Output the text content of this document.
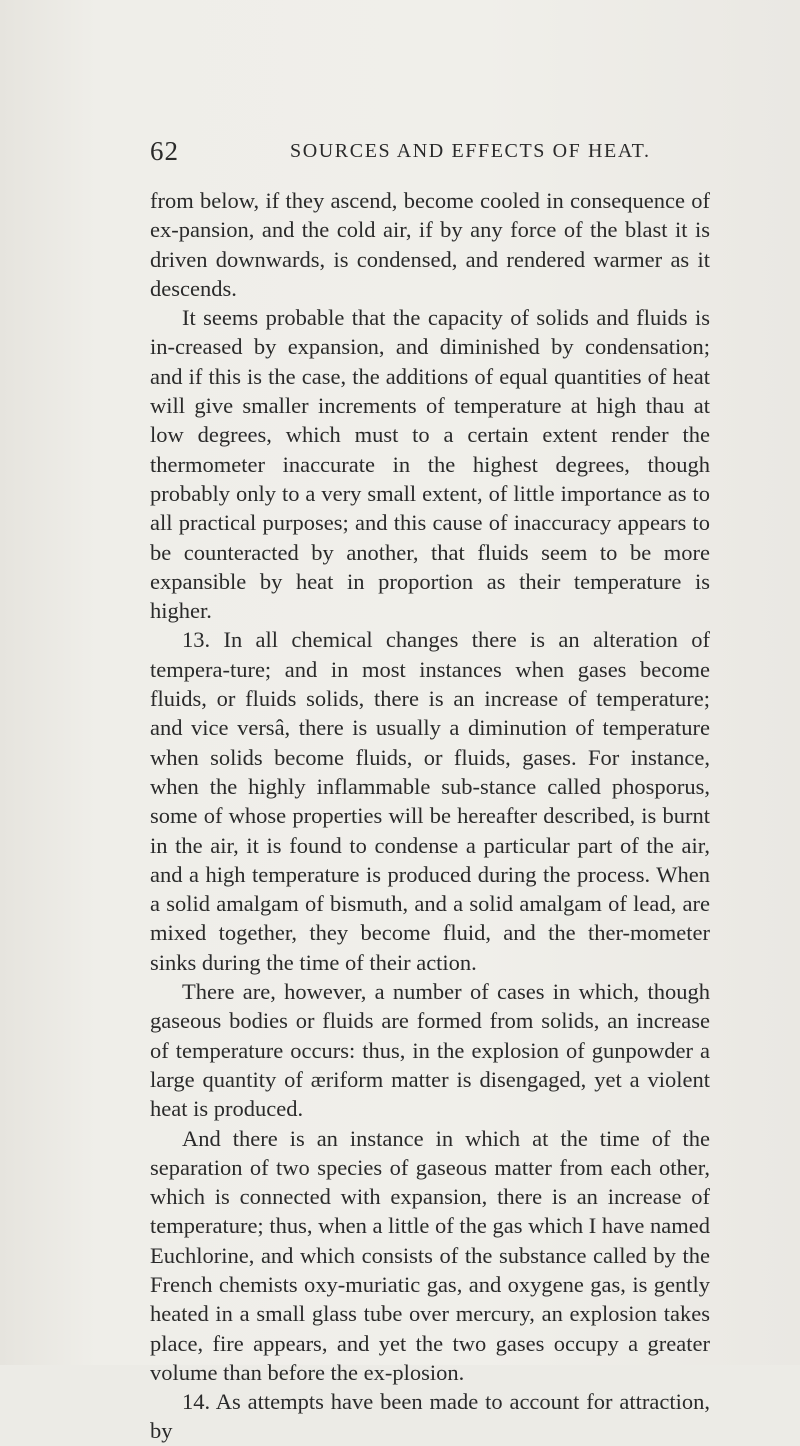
62	SOURCES AND EFFECTS OF HEAT.

from below, if they ascend, become cooled in consequence of ex-pansion, and the cold air, if by any force of the blast it is driven downwards, is condensed, and rendered warmer as it descends.

It seems probable that the capacity of solids and fluids is in-creased by expansion, and diminished by condensation; and if this is the case, the additions of equal quantities of heat will give smaller increments of temperature at high thau at low degrees, which must to a certain extent render the thermometer inaccurate in the highest degrees, though probably only to a very small extent, of little importance as to all practical purposes; and this cause of inaccuracy appears to be counteracted by another, that fluids seem to be more expansible by heat in proportion as their temperature is higher.

13. In all chemical changes there is an alteration of tempera-ture; and in most instances when gases become fluids, or fluids solids, there is an increase of temperature; and vice versâ, there is usually a diminution of temperature when solids become fluids, or fluids, gases. For instance, when the highly inflammable sub-stance called phosporus, some of whose properties will be hereafter described, is burnt in the air, it is found to condense a particular part of the air, and a high temperature is produced during the process. When a solid amalgam of bismuth, and a solid amalgam of lead, are mixed together, they become fluid, and the ther-mometer sinks during the time of their action.

There are, however, a number of cases in which, though gaseous bodies or fluids are formed from solids, an increase of temperature occurs: thus, in the explosion of gunpowder a large quantity of æriform matter is disengaged, yet a violent heat is produced.

And there is an instance in which at the time of the separation of two species of gaseous matter from each other, which is connected with expansion, there is an increase of temperature; thus, when a little of the gas which I have named Euchlorine, and which consists of the substance called by the French chemists oxy-muriatic gas, and oxygene gas, is gently heated in a small glass tube over mercury, an explosion takes place, fire appears, and yet the two gases occupy a greater volume than before the ex-plosion.

14. As attempts have been made to account for attraction, by
